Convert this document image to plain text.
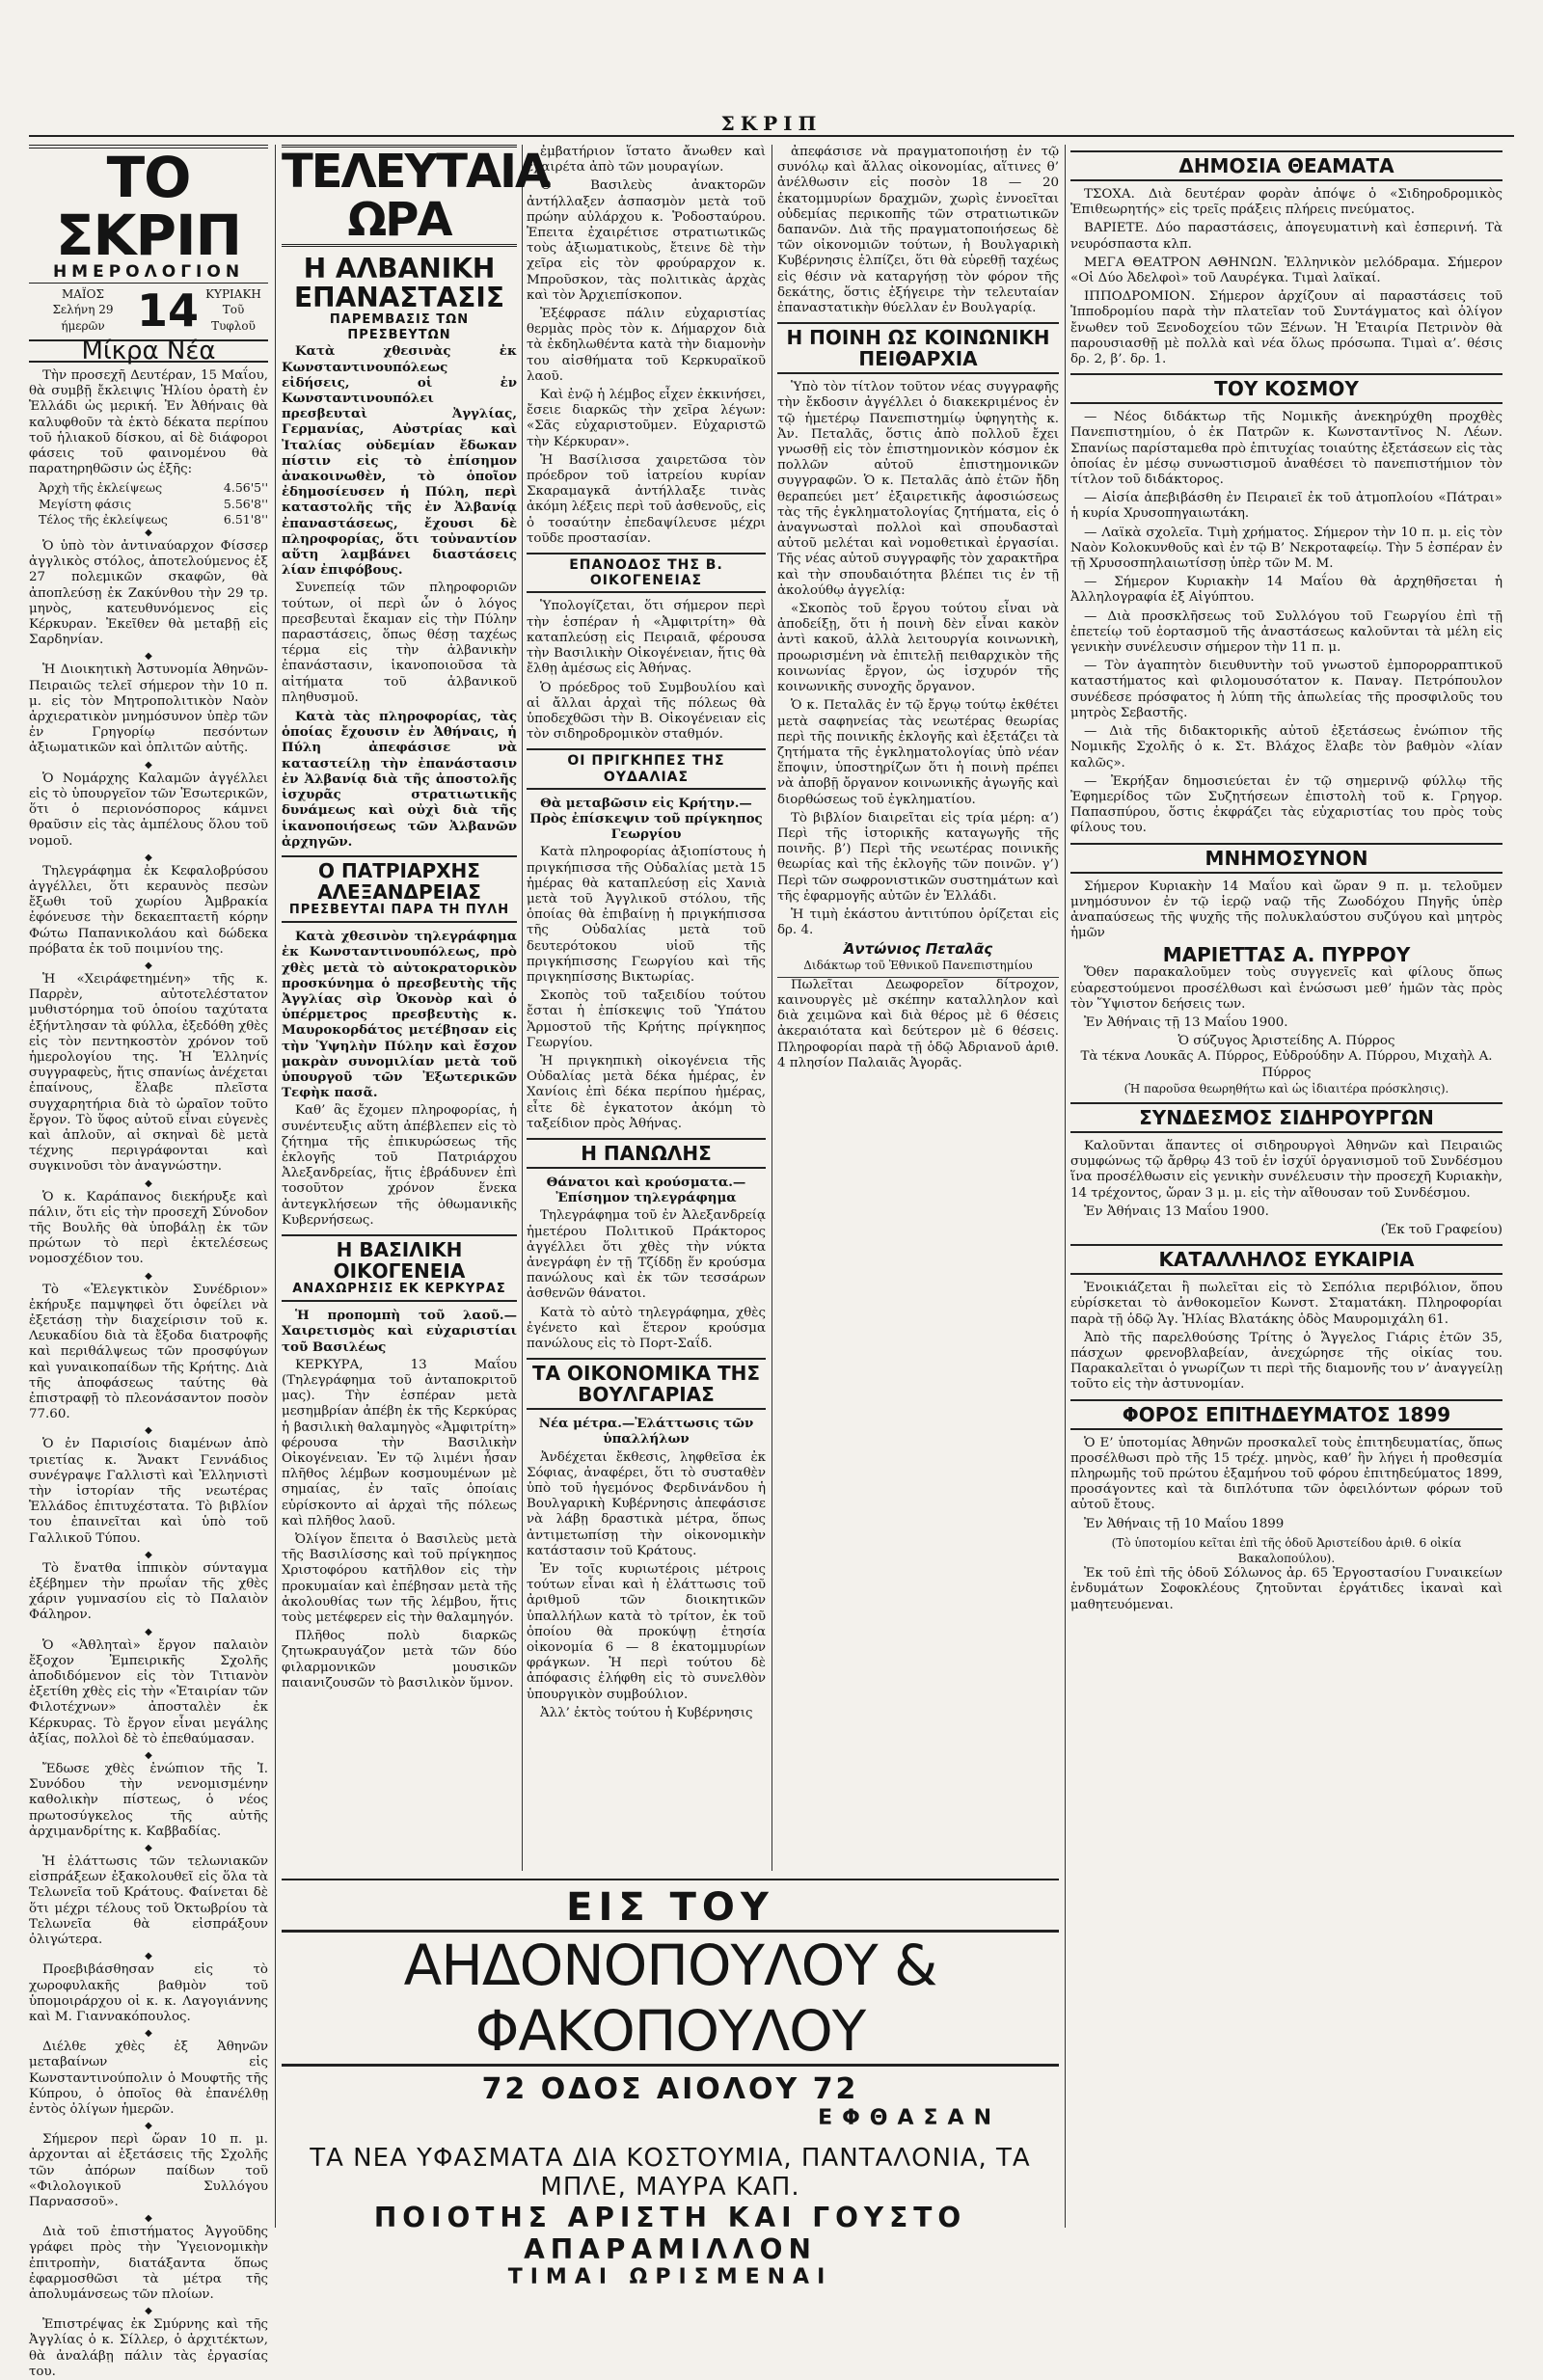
ΣΚΡΙΠ
ΤΟ ΣΚΡΙΠ
ΗΜΕΡΟΛΟΓΙΟΝ
ΜΑΪΟΣ
Σελήνη 29 ήμερῶν 14 ΚΥΡΙΑΚΗ
Τοῦ Τυφλοῦ
Μίκρα Νέα

Τὴν προσεχῆ Δευτέραν, 15 Μαΐου, θὰ συμβῇ ἔκλειψις Ἡλίου ὁρατὴ ἐν Ἑλλάδι ὡς μερική. Ἐν Ἀθήναις θὰ καλυφθοῦν τὰ ἑκτὸ δέκατα περίπου τοῦ ἡλιακοῦ δίσκου, αἱ δὲ διάφοροι φάσεις τοῦ φαινομένου θὰ παρατηρηθῶσιν ὡς ἑξῆς:

Ἀρχὴ τῆς ἐκλείψεως	4.56'5''
Μεγίστη φάσις	5.56'8''
Τέλος τῆς ἐκλείψεως	6.51'8''
◆

Ὁ ὑπὸ τὸν ἀντιναύαρχον Φίσσερ ἀγγλικὸς στόλος, ἀποτελούμενος ἐξ 27 πολεμικῶν σκαφῶν, θὰ ἀποπλεύσῃ ἐκ Ζακύνθου τὴν 29 τρ. μηνὸς, κατευθυνόμενος εἰς Κέρκυραν. Ἐκεῖθεν θὰ μεταβῇ εἰς Σαρδηνίαν.

◆

Ἡ Διοικητικὴ Ἀστυνομία Ἀθηνῶν-Πειραιῶς τελεῖ σήμερον τὴν 10 π. μ. εἰς τὸν Μητροπολιτικὸν Ναὸν ἀρχιερατικὸν μνημόσυνον ὑπὲρ τῶν ἐν Γρηγορίῳ πεσόντων ἀξιωματικῶν καὶ ὁπλιτῶν αὐτῆς.

◆

Ὁ Νομάρχης Καλαμῶν ἀγγέλλει εἰς τὸ ὑπουργεῖον τῶν Ἐσωτερικῶν, ὅτι ὁ περιονόσπορος κάμνει θραῦσιν εἰς τὰς ἀμπέλους ὅλου τοῦ νομοῦ.

◆

Τηλεγράφημα ἐκ Κεφαλοβρύσου ἀγγέλλει, ὅτι κεραυνὸς πεσὼν ἔξωθι τοῦ χωρίου Ἀμβρακία ἐφόνευσε τὴν δεκαεπταετῆ κόρην Φώτω Παπανικολάου καὶ δώδεκα πρόβατα ἐκ τοῦ ποιμνίου της.

◆

Ἡ «Χειράφετημένη» τῆς κ. Παρρὲν, αὐτοτελέστατον μυθιστόρημα τοῦ ὁποίου ταχύτατα ἐξήντλησαν τὰ φύλλα, ἐξεδόθη χθὲς εἰς τὸν πεντηκοστὸν χρόνον τοῦ ἡμερολογίου της. Ἡ Ἑλληνίς συγγραφεὺς, ἥτις σπανίως ἀνέχεται ἐπαίνους, ἔλαβε πλεῖστα συγχαρητήρια διὰ τὸ ὡραῖον τοῦτο ἔργον. Τὸ ὕφος αὐτοῦ εἶναι εὐγενὲς καὶ ἁπλοῦν, αἱ σκηναὶ δὲ μετὰ τέχνης περιγράφονται καὶ συγκινοῦσι τὸν ἀναγνώστην.

◆

Ὁ κ. Καράπανος διεκήρυξε καὶ πάλιν, ὅτι εἰς τὴν προσεχῆ Σύνοδον τῆς Βουλῆς θὰ ὑποβάλῃ ἐκ τῶν πρώτων τὸ περὶ ἐκτελέσεως νομοσχέδιον του.

◆

Τὸ «Ἐλεγκτικὸν Συνέδριον» ἐκήρυξε παμψηφεὶ ὅτι ὀφείλει νὰ ἐξετάσῃ τὴν διαχείρισιν τοῦ κ. Λευκαδίου διὰ τὰ ἔξοδα διατροφῆς καὶ περιθάλψεως τῶν προσφύγων καὶ γυναικοπαίδων τῆς Κρήτης. Διὰ τῆς ἀποφάσεως ταύτης θὰ ἐπιστραφῇ τὸ πλεονάσαντον ποσὸν 77.60.

◆

Ὁ ἐν Παρισίοις διαμένων ἀπὸ τριετίας κ. Ἄνακτ Γεννάδιος συνέγραψε Γαλλιστὶ καὶ Ἑλληνιστὶ τὴν ἱστορίαν τῆς νεωτέρας Ἑλλάδος ἐπιτυχέστατα. Τὸ βιβλίον του ἐπαινεῖται καὶ ὑπὸ τοῦ Γαλλικοῦ Τύπου.

◆

Τὸ ἔνατθα ἱππικὸν σύνταγμα ἐξέβημεν τὴν πρωΐαν τῆς χθὲς χάριν γυμνασίου εἰς τὸ Παλαιὸν Φάληρον.

◆

Ὁ «Ἀθληταὶ» ἔργον παλαιὸν ἔξοχον Ἐμπειρικῆς Σχολῆς ἀποδιδόμενον εἰς τὸν Τιτιανὸν ἐξετίθη χθὲς εἰς τὴν «Ἑταιρίαν τῶν Φιλοτέχνων» ἀποσταλὲν ἐκ Κέρκυρας. Τὸ ἔργον εἶναι μεγάλης ἀξίας, πολλοὶ δὲ τὸ ἐπεθαύμασαν.

◆

Ἔδωσε χθὲς ἐνώπιον τῆς Ἱ. Συνόδου τὴν νενομισμένην καθολικὴν πίστεως, ὁ νέος πρωτοσύγκελος τῆς αὐτῆς ἀρχιμανδρίτης κ. Καββαδίας.

◆

Ἡ ἐλάττωσις τῶν τελωνιακῶν εἰσπράξεων ἐξακολουθεῖ εἰς ὅλα τὰ Τελωνεῖα τοῦ Κράτους. Φαίνεται δὲ ὅτι μέχρι τέλους τοῦ Ὀκτωβρίου τὰ Τελωνεῖα θὰ εἰσπράξουν ὀλιγώτερα.

◆

Προεβιβάσθησαν εἰς τὸ χωροφυλακῆς βαθμὸν τοῦ ὑπομοιράρχου οἱ κ. κ. Λαγογιάννης καὶ Μ. Γιαννακόπουλος.

◆

Διέλθε χθὲς ἐξ Ἀθηνῶν μεταβαίνων εἰς Κωνσταντινούπολιν ὁ Μουφτῆς τῆς Κύπρου, ὁ ὁποῖος θὰ ἐπανέλθῃ ἐντὸς ὀλίγων ἡμερῶν.

◆

Σήμερον περὶ ὥραν 10 π. μ. ἀρχονται αἱ ἐξετάσεις τῆς Σχολῆς τῶν ἀπόρων παίδων τοῦ «Φιλολογικοῦ Συλλόγου Παρνασσοῦ».

◆

Διὰ τοῦ ἐπιστήματος Ἀγγοῦδης γράφει πρὸς τὴν Ὑγειονομικὴν ἐπιτροπὴν, διατάξαντα ὅπως ἐφαρμοσθῶσι τὰ μέτρα τῆς ἀπολυμάνσεως τῶν πλοίων.

◆

Ἐπιστρέψας ἐκ Σμύρνης καὶ τῆς Ἀγγλίας ὁ κ. Σίλλερ, ὁ ἀρχιτέκτων, θὰ ἀναλάβῃ πάλιν τὰς ἐργασίας του.

ΤΕΛΕΥΤΑΙΑ ΩΡΑ
Η ΑΛΒΑΝΙΚΗ ΕΠΑΝΑΣΤΑΣΙΣ
ΠΑΡΕΜΒΑΣΙΣ ΤΩΝ ΠΡΕΣΒΕΥΤΩΝ

Κατὰ χθεσινὰς ἐκ Κωνσταντινουπόλεως εἰδήσεις, οἱ ἐν Κωνσταντινουπόλει πρεσβευταὶ Ἀγγλίας, Γερμανίας, Αὐστρίας καὶ Ἰταλίας οὐδεμίαν ἔδωκαν πίστιν εἰς τὸ ἐπίσημον ἀνακοινωθὲν, τὸ ὁποῖον ἐδημοσίευσεν ἡ Πύλη, περὶ καταστολῆς τῆς ἐν Ἀλβανίᾳ ἐπαναστάσεως, ἔχουσι δὲ πληροφορίας, ὅτι τοὐναντίον αὕτη λαμβάνει διαστάσεις λίαν ἐπιφόβους.

Συνεπείᾳ τῶν πληροφοριῶν τούτων, οἱ περὶ ὧν ὁ λόγος πρεσβευταὶ ἔκαμαν εἰς τὴν Πύλην παραστάσεις, ὅπως θέσῃ ταχέως τέρμα εἰς τὴν ἀλβανικὴν ἐπανάστασιν, ἱκανοποιοῦσα τὰ αἰτήματα τοῦ ἀλβανικοῦ πληθυσμοῦ.

Κατὰ τὰς πληροφορίας, τὰς ὁποίας ἔχουσιν ἐν Ἀθήναις, ἡ Πύλη ἀπεφάσισε νὰ καταστείλῃ τὴν ἐπανάστασιν ἐν Ἀλβανίᾳ διὰ τῆς ἀποστολῆς ἰσχυρᾶς στρατιωτικῆς δυνάμεως καὶ οὐχὶ διὰ τῆς ἱκανοποιήσεως τῶν Ἀλβανῶν ἀρχηγῶν.

Ο ΠΑΤΡΙΑΡΧΗΣ ΑΛΕΞΑΝΔΡΕΙΑΣ
ΠΡΕΣΒΕΥΤΑΙ ΠΑΡΑ ΤΗ ΠΥΛΗ

Κατὰ χθεσινὸν τηλεγράφημα ἐκ Κωνσταντινουπόλεως, πρὸ χθὲς μετὰ τὸ αὐτοκρατορικὸν προσκύνημα ὁ πρεσβευτὴς τῆς Ἀγγλίας σὶρ Ὀκονὸρ καὶ ὁ ὑπέρμετρος πρεσβευτὴς κ. Μαυροκορδάτος μετέβησαν εἰς τὴν Ὑψηλὴν Πύλην καὶ ἔσχον μακρὰν συνομιλίαν μετὰ τοῦ ὑπουργοῦ τῶν Ἐξωτερικῶν Τεφὴκ πασᾶ.

Καθ’ ἃς ἔχομεν πληροφορίας, ἡ συνέντευξις αὕτη ἀπέβλεπεν εἰς τὸ ζήτημα τῆς ἐπικυρώσεως τῆς ἐκλογῆς τοῦ Πατριάρχου Ἀλεξανδρείας, ἥτις ἐβράδυνεν ἐπὶ τοσοῦτον χρόνον ἕνεκα ἀντεγκλήσεων τῆς ὀθωμανικῆς Κυβερνήσεως.

Η ΒΑΣΙΛΙΚΗ ΟΙΚΟΓΕΝΕΙΑ
ΑΝΑΧΩΡΗΣΙΣ ΕΚ ΚΕΡΚΥΡΑΣ

Ἡ προπομπὴ τοῦ λαοῦ.—Χαιρετισμὸς καὶ εὐχαριστίαι τοῦ Βασιλέως

ΚΕΡΚΥΡΑ, 13 Μαΐου (Τηλεγράφημα τοῦ ἀνταποκριτοῦ μας). Τὴν ἐσπέραν μετὰ μεσημβρίαν ἀπέβη ἐκ τῆς Κερκύρας ἡ βασιλικὴ θαλαμηγὸς «Ἀμφιτρίτη» φέρουσα τὴν Βασιλικὴν Οἰκογένειαν. Ἐν τῷ λιμένι ἦσαν πλῆθος λέμβων κοσμουμένων μὲ σημαίας, ἐν ταῖς ὁποίαις εὑρίσκοντο αἱ ἀρχαὶ τῆς πόλεως καὶ πλῆθος λαοῦ.

Ὀλίγον ἔπειτα ὁ Βασιλεὺς μετὰ τῆς Βασιλίσσης καὶ τοῦ πρίγκηπος Χριστοφόρου κατῆλθον εἰς τὴν προκυμαίαν καὶ ἐπέβησαν μετὰ τῆς ἀκολουθίας των τῆς λέμβου, ἥτις τοὺς μετέφερεν εἰς τὴν θαλαμηγόν.

Πλῆθος πολὺ διαρκῶς ζητωκραυγάζον μετὰ τῶν δύο φιλαρμονικῶν μουσικῶν παιανιζουσῶν τὸ βασιλικὸν ὕμνον.

ἐμβατήριον ἵστατο ἄνωθεν καὶ ἐχαιρέτα ἀπὸ τῶν μουραγίων.

Ὁ Βασιλεὺς ἀνακτορῶν ἀντήλλαξεν ἀσπασμὸν μετὰ τοῦ πρώην αὐλάρχου κ. Ῥοδοσταύρου. Ἐπειτα ἐχαιρέτισε στρατιωτικῶς τοὺς ἀξιωματικοὺς, ἔτεινε δὲ τὴν χεῖρα εἰς τὸν φρούραρχον κ. Μπροῦσκον, τὰς πολιτικὰς ἀρχὰς καὶ τὸν Ἀρχιεπίσκοπον.

Ἐξέφρασε πάλιν εὐχαριστίας θερμὰς πρὸς τὸν κ. Δήμαρχον διὰ τὰ ἐκδηλωθέντα κατὰ τὴν διαμονὴν του αἰσθήματα τοῦ Κερκυραϊκοῦ λαοῦ.

Καὶ ἐνῷ ἡ λέμβος εἶχεν ἐκκινήσει, ἔσειε διαρκῶς τὴν χεῖρα λέγων: «Σᾶς εὐχαριστοῦμεν. Εὐχαριστῶ τὴν Κέρκυραν».

Ἡ Βασίλισσα χαιρετῶσα τὸν πρόεδρον τοῦ ἰατρείου κυρίαν Σκαραμαγκᾶ ἀντήλλαξε τινὰς ἀκόμη λέξεις περὶ τοῦ ἀσθενοῦς, εἰς ὁ τοσαύτην ἐπεδαψίλευσε μέχρι τοῦδε προστασίαν.

ΕΠΑΝΟΔΟΣ ΤΗΣ Β. ΟΙΚΟΓΕΝΕΙΑΣ

Ὑπολογίζεται, ὅτι σήμερον περὶ τὴν ἑσπέραν ἡ «Ἀμφιτρίτη» θὰ καταπλεύσῃ εἰς Πειραιᾶ, φέρουσα τὴν Βασιλικὴν Οἰκογένειαν, ἥτις θὰ ἔλθῃ ἀμέσως εἰς Ἀθήνας.

Ὁ πρόεδρος τοῦ Συμβουλίου καὶ αἱ ἄλλαι ἀρχαὶ τῆς πόλεως θὰ ὑποδεχθῶσι τὴν Β. Οἰκογένειαν εἰς τὸν σιδηροδρομικὸν σταθμόν.

ΟΙ ΠΡΙΓΚΗΠΕΣ ΤΗΣ ΟΥΔΑΛΙΑΣ

Θὰ μεταβῶσιν εἰς Κρήτην.— Πρὸς ἐπίσκεψιν τοῦ πρίγκηπος Γεωργίου

Κατὰ πληροφορίας ἀξιοπίστους ἡ πριγκήπισσα τῆς Οὐδαλίας μετὰ 15 ἡμέρας θὰ καταπλεύσῃ εἰς Χανιὰ μετὰ τοῦ Ἀγγλικοῦ στόλου, τῆς ὁποίας θὰ ἐπιβαίνῃ ἡ πριγκήπισσα τῆς Οὐδαλίας μετὰ τοῦ δευτερότοκου υἱοῦ τῆς πριγκήπισσης Γεωργίου καὶ τῆς πριγκηπίσσης Βικτωρίας.

Σκοπὸς τοῦ ταξειδίου τούτου ἔσται ἡ ἐπίσκεψις τοῦ Ὑπάτου Ἁρμοστοῦ τῆς Κρήτης πρίγκηπος Γεωργίου.

Ἡ πριγκηπικὴ οἰκογένεια τῆς Οὐδαλίας μετὰ δέκα ἡμέρας, ἐν Χανίοις ἐπὶ δέκα περίπου ἡμέρας, εἶτε δὲ ἐγκατοτον ἀκόμη τὸ ταξείδιον πρὸς Ἀθήνας.

Η ΠΑΝΩΛΗΣ

Θάνατοι καὶ κρούσματα.—Ἐπίσημον τηλεγράφημα

Τηλεγράφημα τοῦ ἐν Ἀλεξανδρείᾳ ἡμετέρου Πολιτικοῦ Πράκτορος ἀγγέλλει ὅτι χθὲς τὴν νύκτα ἀνεγράφη ἐν τῇ Τζίδδῃ ἕν κρούσμα πανώλους καὶ ἐκ τῶν τεσσάρων ἀσθενῶν θάνατοι.

Κατὰ τὸ αὐτὸ τηλεγράφημα, χθὲς ἐγένετο καὶ ἕτερον κρούσμα πανώλους εἰς τὸ Πορτ-Σαΐδ.

ΤΑ ΟΙΚΟΝΟΜΙΚΑ ΤΗΣ ΒΟΥΛΓΑΡΙΑΣ

Νέα μέτρα.—Ἐλάττωσις τῶν ὑπαλλήλων

Ἀνδέχεται ἔκθεσις, ληφθεῖσα ἐκ Σόφιας, ἀναφέρει, ὅτι τὸ συσταθὲν ὑπὸ τοῦ ἡγεμόνος Φερδινάνδου ἡ Βουλγαρικὴ Κυβέρνησις ἀπεφάσισε νὰ λάβῃ δραστικὰ μέτρα, ὅπως ἀντιμετωπίσῃ τὴν οἰκονομικὴν κατάστασιν τοῦ Κράτους.

Ἐν τοῖς κυριωτέροις μέτροις τούτων εἶναι καὶ ἡ ἐλάττωσις τοῦ ἀριθμοῦ τῶν διοικητικῶν ὑπαλλήλων κατὰ τὸ τρίτον, ἐκ τοῦ ὁποίου θὰ προκύψῃ ἐτησία οἰκονομία 6 — 8 ἑκατομμυρίων φράγκων. Ἡ περὶ τούτου δὲ ἀπόφασις ἐλήφθη εἰς τὸ συνελθὸν ὑπουργικὸν συμβούλιον.

Ἀλλ’ ἐκτὸς τούτου ἡ Κυβέρνησις

ἀπεφάσισε νὰ πραγματοποιήσῃ ἐν τῷ συνόλῳ καὶ ἄλλας οἰκονομίας, αἵτινες θ’ ἀνέλθωσιν εἰς ποσὸν 18 — 20 ἑκατομμυρίων δραχμῶν, χωρὶς ἐννοεῖται οὐδεμίας περικοπῆς τῶν στρατιωτικῶν δαπανῶν. Διὰ τῆς πραγματοποιήσεως δὲ τῶν οἰκονομιῶν τούτων, ἡ Βουλγαρικὴ Κυβέρνησις ἐλπίζει, ὅτι θὰ εὑρεθῇ ταχέως εἰς θέσιν νὰ καταργήσῃ τὸν φόρον τῆς δεκάτης, ὅστις ἐξήγειρε τὴν τελευταίαν ἐπαναστατικὴν θύελλαν ἐν Βουλγαρίᾳ.

Η ΠΟΙΝΗ ΩΣ ΚΟΙΝΩΝΙΚΗ ΠΕΙΘΑΡΧΙΑ

Ὑπὸ τὸν τίτλον τοῦτον νέας συγγραφῆς τὴν ἔκδοσιν ἀγγέλλει ὁ διακεκριμένος ἐν τῷ ἡμετέρῳ Πανεπιστημίῳ ὑφηγητὴς κ. Ἀν. Πεταλᾶς, ὅστις ἀπὸ πολλοῦ ἔχει γνωσθῇ εἰς τὸν ἐπιστημονικὸν κόσμον ἐκ πολλῶν αὐτοῦ ἐπιστημονικῶν συγγραφῶν. Ὁ κ. Πεταλᾶς ἀπὸ ἐτῶν ἤδη θεραπεύει μετ’ ἐξαιρετικῆς ἀφοσιώσεως τὰς τῆς ἐγκληματολογίας ζητήματα, εἰς ὁ ἀναγνωσταὶ πολλοὶ καὶ σπουδασταὶ αὐτοῦ μελέται καὶ νομοθετικαὶ ἐργασίαι. Τῆς νέας αὐτοῦ συγγραφῆς τὸν χαρακτῆρα καὶ τὴν σπουδαιότητα βλέπει τις ἐν τῇ ἀκολούθῳ ἀγγελίᾳ:

«Σκοπὸς τοῦ ἔργου τούτου εἶναι νὰ ἀποδείξῃ, ὅτι ἡ ποινὴ δὲν εἶναι κακὸν ἀντὶ κακοῦ, ἀλλὰ λειτουργία κοινωνικὴ, προωρισμένη νὰ ἐπιτελῇ πειθαρχικὸν τῆς κοινωνίας ἔργον, ὡς ἰσχυρόν τῆς κοινωνικῆς συνοχῆς ὄργανον.

Ὁ κ. Πεταλᾶς ἐν τῷ ἔργῳ τούτῳ ἐκθέτει μετὰ σαφηνείας τὰς νεωτέρας θεωρίας περὶ τῆς ποινικῆς ἐκλογῆς καὶ ἐξετάζει τὰ ζητήματα τῆς ἐγκληματολογίας ὑπὸ νέαν ἔποψιν, ὑποστηρίζων ὅτι ἡ ποινὴ πρέπει νὰ ἀποβῇ ὄργανον κοινωνικῆς ἀγωγῆς καὶ διορθώσεως τοῦ ἐγκληματίου.

Τὸ βιβλίον διαιρεῖται εἰς τρία μέρη: α’) Περὶ τῆς ἱστορικῆς καταγωγῆς τῆς ποινῆς. β’) Περὶ τῆς νεωτέρας ποινικῆς θεωρίας καὶ τῆς ἐκλογῆς τῶν ποινῶν. γ’) Περὶ τῶν σωφρονιστικῶν συστημάτων καὶ τῆς ἐφαρμογῆς αὐτῶν ἐν Ἑλλάδι.

Ἡ τιμὴ ἑκάστου ἀντιτύπου ὁρίζεται εἰς δρ. 4.

Ἀντώνιος Πεταλᾶς
Διδάκτωρ τοῦ Ἐθνικοῦ Πανεπιστημίου

Πωλεῖται Δεωφορεῖον δίτροχον, καινουργὲς μὲ σκέπην καταλληλον καὶ διὰ χειμῶνα καὶ διὰ θέρος μὲ 6 θέσεις ἀκεραιότατα καὶ δεύτερον μὲ 6 θέσεις. Πληροφορίαι παρὰ τῇ ὁδῷ Ἀδριανοῦ ἀριθ. 4 πλησίον Παλαιᾶς Ἀγορᾶς.

ΔΗΜΟΣΙΑ ΘΕΑΜΑΤΑ

ΤΣΟΧΑ. Διὰ δευτέραν φορὰν ἀπόψε ὁ «Σιδηροδρομικὸς Ἐπιθεωρητής» εἰς τρεῖς πράξεις πλήρεις πνεύματος.

ΒΑΡΙΕΤΕ. Δύο παραστάσεις, ἀπογευματινὴ καὶ ἑσπερινή. Τὰ νευρόσπαστα κλπ.

ΜΕΓΑ ΘΕΑΤΡΟΝ ΑΘΗΝΩΝ. Ἑλληνικὸν μελόδραμα. Σήμερον «Οἱ Δύο Ἀδελφοὶ» τοῦ Λαυρέγκα. Τιμαὶ λαϊκαί.

ΙΠΠΟΔΡΟΜΙΟΝ. Σήμερον ἀρχίζουν αἱ παραστάσεις τοῦ Ἱπποδρομίου παρὰ τὴν πλατεῖαν τοῦ Συντάγματος καὶ ὀλίγον ἔνωθεν τοῦ Ξενοδοχείου τῶν Ξένων. Ἡ Ἑταιρία Πετρινὸν θὰ παρουσιασθῇ μὲ πολλὰ καὶ νέα ὅλως πρόσωπα. Τιμαὶ α’. θέσις δρ. 2, β’. δρ. 1.

ΤΟΥ ΚΟΣΜΟΥ

— Νέος διδάκτωρ τῆς Νομικῆς ἀνεκηρύχθη προχθὲς Πανεπιστημίου, ὁ ἐκ Πατρῶν κ. Κωνσταντῖνος Ν. Λέων. Σπανίως παρίσταμεθα πρὸ ἐπιτυχίας τοιαύτης ἐξετάσεων εἰς τὰς ὁποίας ἐν μέσῳ συνωστισμοῦ ἀναθέσει τὸ πανεπιστήμιον τὸν τίτλον τοῦ διδάκτορος.

— Αἰσία ἀπεβιβάσθη ἐν Πειραιεῖ ἐκ τοῦ ἀτμοπλοίου «Πάτραι» ἡ κυρία Χρυσοπηγαιωτάκη.

— Λαϊκὰ σχολεῖα. Τιμὴ χρήματος. Σήμερον τὴν 10 π. μ. εἰς τὸν Ναὸν Κολοκυνθοῦς καὶ ἐν τῷ Β’ Νεκροταφείῳ. Τὴν 5 ἐσπέραν ἐν τῇ Χρυσοσπηλαιωτίσσῃ ὑπὲρ τῶν Μ. Μ.

— Σήμερον Κυριακὴν 14 Μαΐου θὰ ἀρχηθῆσεται ἡ Ἀλληλογραφία ἐξ Αἰγύπτου.

— Διὰ προσκλῆσεως τοῦ Συλλόγου τοῦ Γεωργίου ἐπὶ τῇ ἐπετείῳ τοῦ ἐορτασμοῦ τῆς ἀναστάσεως καλοῦνται τὰ μέλη εἰς γενικὴν συνέλευσιν σήμερον τὴν 11 π. μ.

— Τὸν ἀγαπητὸν διευθυντὴν τοῦ γνωστοῦ ἐμπορορραπτικοῦ καταστήματος καὶ φιλομουσότατον κ. Παναγ. Πετρόπουλον συνέδεσε πρόσφατος ἡ λύπη τῆς ἀπωλείας τῆς προσφιλοῦς του μητρὸς Σεβαστῆς.

— Διὰ τῆς διδακτορικῆς αὐτοῦ ἐξετάσεως ἐνώπιον τῆς Νομικῆς Σχολῆς ὁ κ. Στ. Βλάχος ἔλαβε τὸν βαθμὸν «λίαν καλῶς».

— Ἐκρήξαν δημοσιεύεται ἐν τῷ σημερινῷ φύλλῳ τῆς Ἐφημερίδος τῶν Συζητήσεων ἐπιστολὴ τοῦ κ. Γρηγορ. Παπασπύρου, ὅστις ἐκφράζει τὰς εὐχαριστίας του πρὸς τοὺς φίλους του.

ΜΝΗΜΟΣΥΝΟΝ

Σήμερον Κυριακὴν 14 Μαΐου καὶ ὥραν 9 π. μ. τελοῦμεν μνημόσυνον ἐν τῷ ἱερῷ ναῷ τῆς Ζωοδόχου Πηγῆς ὑπὲρ ἀναπαύσεως τῆς ψυχῆς τῆς πολυκλαύστου συζύγου καὶ μητρὸς ἡμῶν

ΜΑΡΙΕΤΤΑΣ Α. ΠΥΡΡΟΥ

Ὅθεν παρακαλοῦμεν τοὺς συγγενεῖς καὶ φίλους ὅπως εὐαρεστούμενοι προσέλθωσι καὶ ἑνώσωσι μεθ’ ἡμῶν τὰς πρὸς τὸν Ὕψιστον δεήσεις των.

Ἐν Ἀθήναις τῇ 13 Μαΐου 1900.

Ὁ σύζυγος Ἀριστείδης Α. Πύρρος
Τὰ τέκνα Λουκᾶς Α. Πύρρος, Εὐδρούδην Α. Πύρρου, Μιχαὴλ Α. Πύρρος
(Ἡ παροῦσα θεωρηθήτω καὶ ὡς ἰδιαιτέρα πρόσκλησις).
ΣΥΝΔΕΣΜΟΣ ΣΙΔΗΡΟΥΡΓΩΝ

Καλοῦνται ἅπαντες οἱ σιδηρουργοὶ Ἀθηνῶν καὶ Πειραιῶς συμφώνως τῷ ἄρθρῳ 43 τοῦ ἐν ἰσχύϊ ὀργανισμοῦ τοῦ Συνδέσμου ἵνα προσέλθωσιν εἰς γενικὴν συνέλευσιν τὴν προσεχῆ Κυριακὴν, 14 τρέχοντος, ὥραν 3 μ. μ. εἰς τὴν αἴθουσαν τοῦ Συνδέσμου.

Ἐν Ἀθήναις 13 Μαΐου 1900.

(Ἐκ τοῦ Γραφείου)
ΚΑΤΑΛΛΗΛΟΣ ΕΥΚΑΙΡΙΑ

Ἐνοικιάζεται ἢ πωλεῖται εἰς τὸ Σεπόλια περιβόλιον, ὅπου εὑρίσκεται τὸ ἀνθοκομεῖον Κωνστ. Σταματάκη. Πληροφορίαι παρὰ τῇ ὁδῷ Ἁγ. Ἠλίας Βλατάκης ὁδὸς Μαυρομιχάλη 61.

Ἀπὸ τῆς παρελθούσης Τρίτης ὁ Ἄγγελος Γιάρις ἐτῶν 35, πάσχων φρενοβλαβείαν, ἀνεχώρησε τῆς οἰκίας του. Παρακαλεῖται ὁ γνωρίζων τι περὶ τῆς διαμονῆς του ν’ ἀναγγείλῃ τοῦτο εἰς τὴν ἀστυνομίαν.

ΦΟΡΟΣ ΕΠΙΤΗΔΕΥΜΑΤΟΣ 1899

Ὁ Ε’ ὑποτομίας Ἀθηνῶν προσκαλεῖ τοὺς ἐπιτηδευματίας, ὅπως προσέλθωσι πρὸ τῆς 15 τρέχ. μηνὸς, καθ’ ἣν λήγει ἡ προθεσμία πληρωμῆς τοῦ πρώτου ἑξαμήνου τοῦ φόρου ἐπιτηδεύματος 1899, προσάγοντες καὶ τὰ διπλότυπα τῶν ὀφειλόντων φόρων τοῦ αὐτοῦ ἔτους.

Ἐν Ἀθήναις τῇ 10 Μαΐου 1899

(Τὸ ὑποτομίου κεῖται ἐπὶ τῆς ὁδοῦ Ἀριστείδου ἀριθ. 6 οἰκία Βακαλοπούλου).

Ἐκ τοῦ ἐπὶ τῆς ὁδοῦ Σόλωνος ἀρ. 65 Ἐργοστασίου Γυναικείων ἐνδυμάτων Σοφοκλέους ζητοῦνται ἐργάτιδες ἱκαναὶ καὶ μαθητευόμεναι.

ΕΙΣ ΤΟΥ
ΑΗΔΟΝΟΠΟΥΛΟΥ & ΦΑΚΟΠΟΥΛΟΥ
72 ΟΔΟΣ ΑΙΟΛΟΥ 72
ΕΦΘΑΣΑΝ
ΤΑ ΝΕΑ ΥΦΑΣΜΑΤΑ ΔΙΑ ΚΟΣΤΟΥΜΙΑ, ΠΑΝΤΑΛΟΝΙΑ, ΤΑ ΜΠΛΕ, ΜΑΥΡΑ ΚΑΠ.
ΠΟΙΟΤΗΣ ΑΡΙΣΤΗ ΚΑΙ ΓΟΥΣΤΟ ΑΠΑΡΑΜΙΛΛΟΝ
ΤΙΜΑΙ ΩΡΙΣΜΕΝΑΙ
